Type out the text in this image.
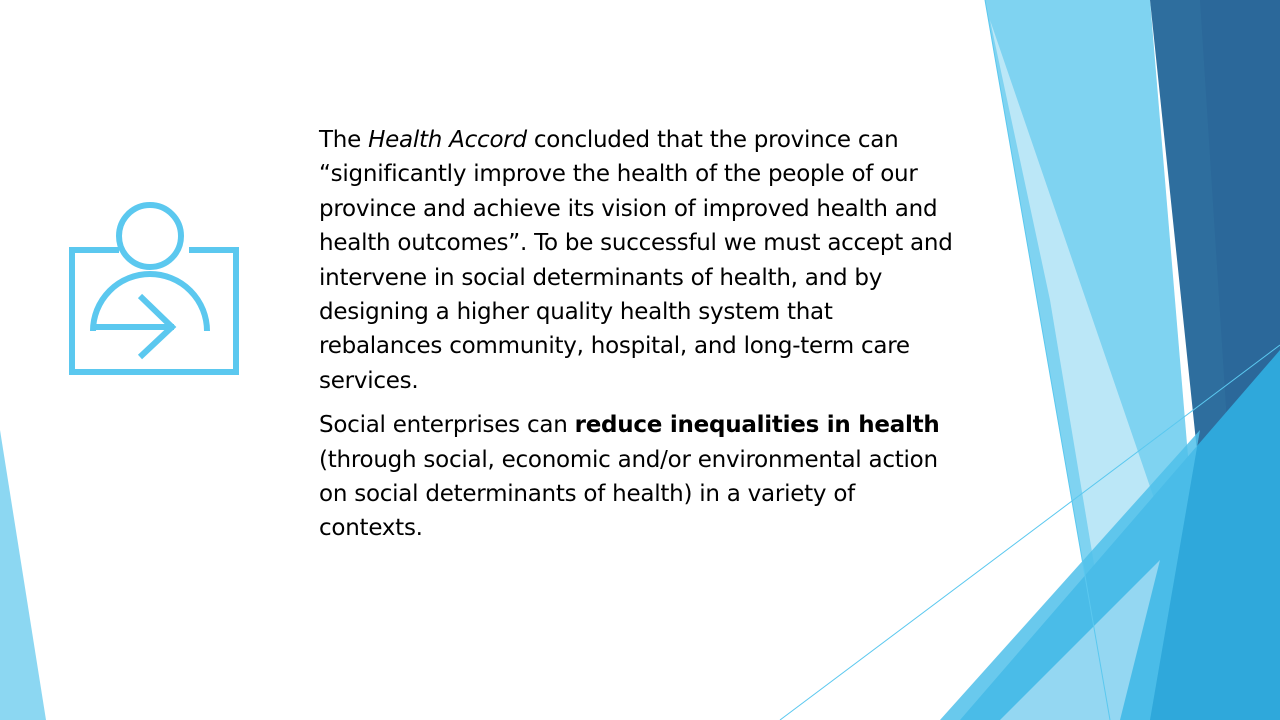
The Health Accord concluded that the province can “significantly improve the health of the people of our province and achieve its vision of improved health and health outcomes”. To be successful we must accept and intervene in social determinants of health, and by designing a higher quality health system that rebalances community, hospital, and long-term care services.

Social enterprises can reduce inequalities in health (through social, economic and/or environmental action on social determinants of health) in a variety of contexts.
